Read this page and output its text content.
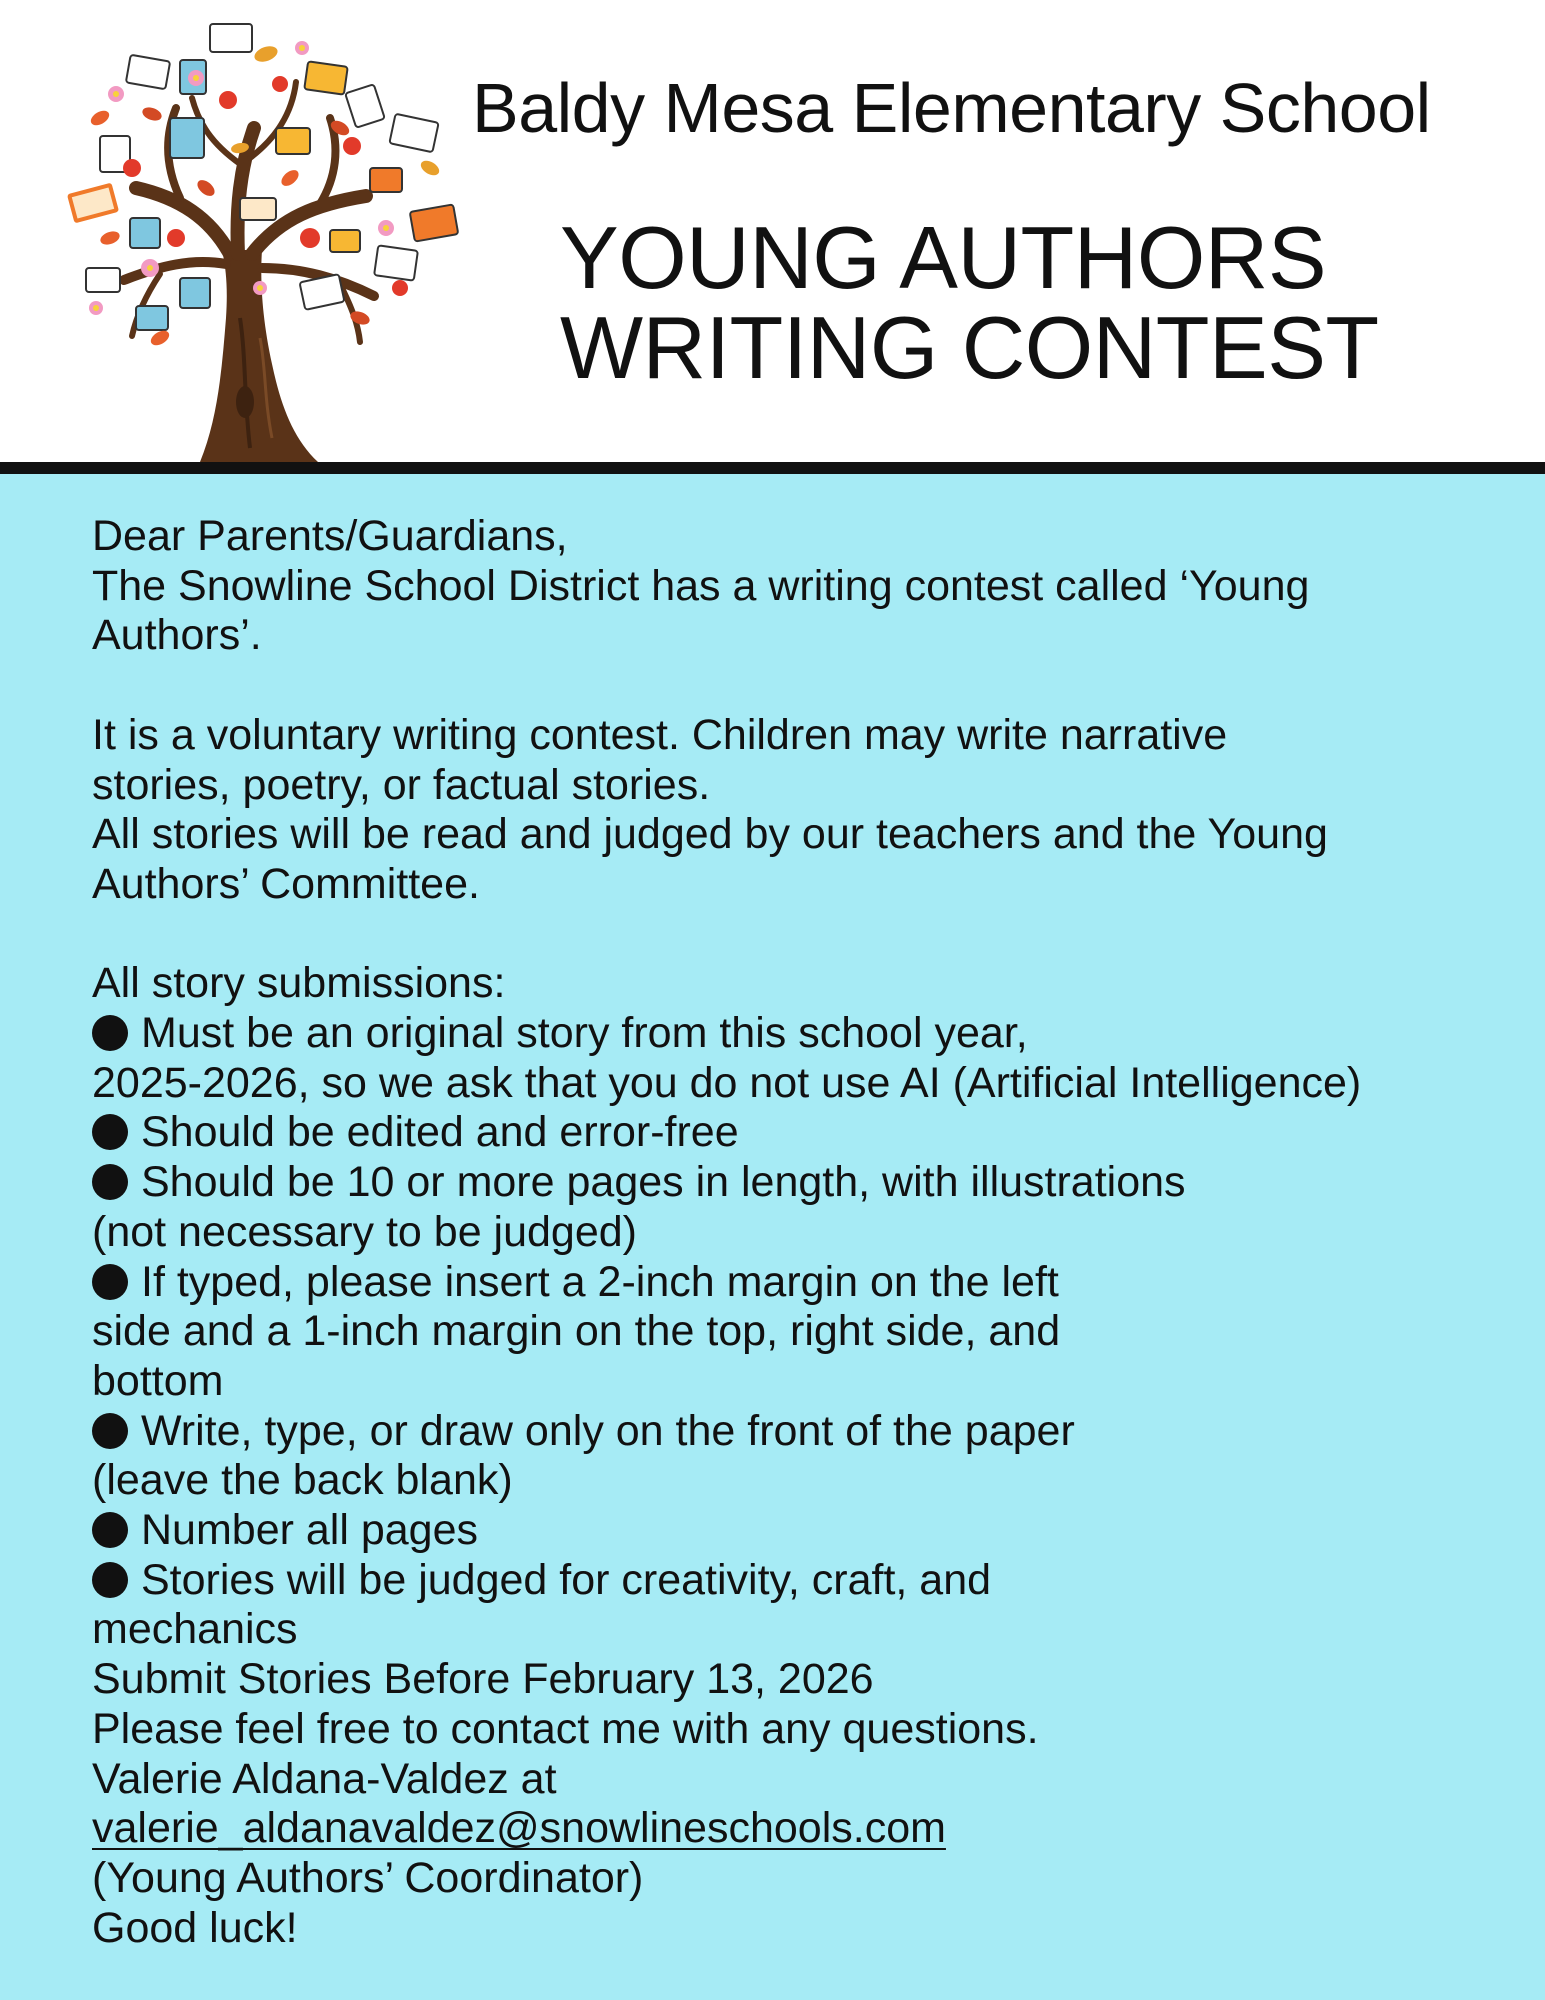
Baldy Mesa Elementary School
YOUNG AUTHORS
WRITING CONTEST
Dear Parents/Guardians,
The Snowline School District has a writing contest called ‘Young
Authors’.
It is a voluntary writing contest. Children may write narrative
stories, poetry, or factual stories.
All stories will be read and judged by our teachers and the Young
Authors’ Committee.
All story submissions:
Must be an original story from this school year,
2025-2026, so we ask that you do not use AI (Artificial Intelligence)
Should be edited and error-free
Should be 10 or more pages in length, with illustrations
(not necessary to be judged)
If typed, please insert a 2-inch margin on the left
side and a 1-inch margin on the top, right side, and
bottom
Write, type, or draw only on the front of the paper
(leave the back blank)
Number all pages
Stories will be judged for creativity, craft, and
mechanics
Submit Stories Before February 13, 2026
Please feel free to contact me with any questions.
Valerie Aldana-Valdez at
valerie_aldanavaldez@snowlineschools.com
(Young Authors’ Coordinator)
Good luck!
